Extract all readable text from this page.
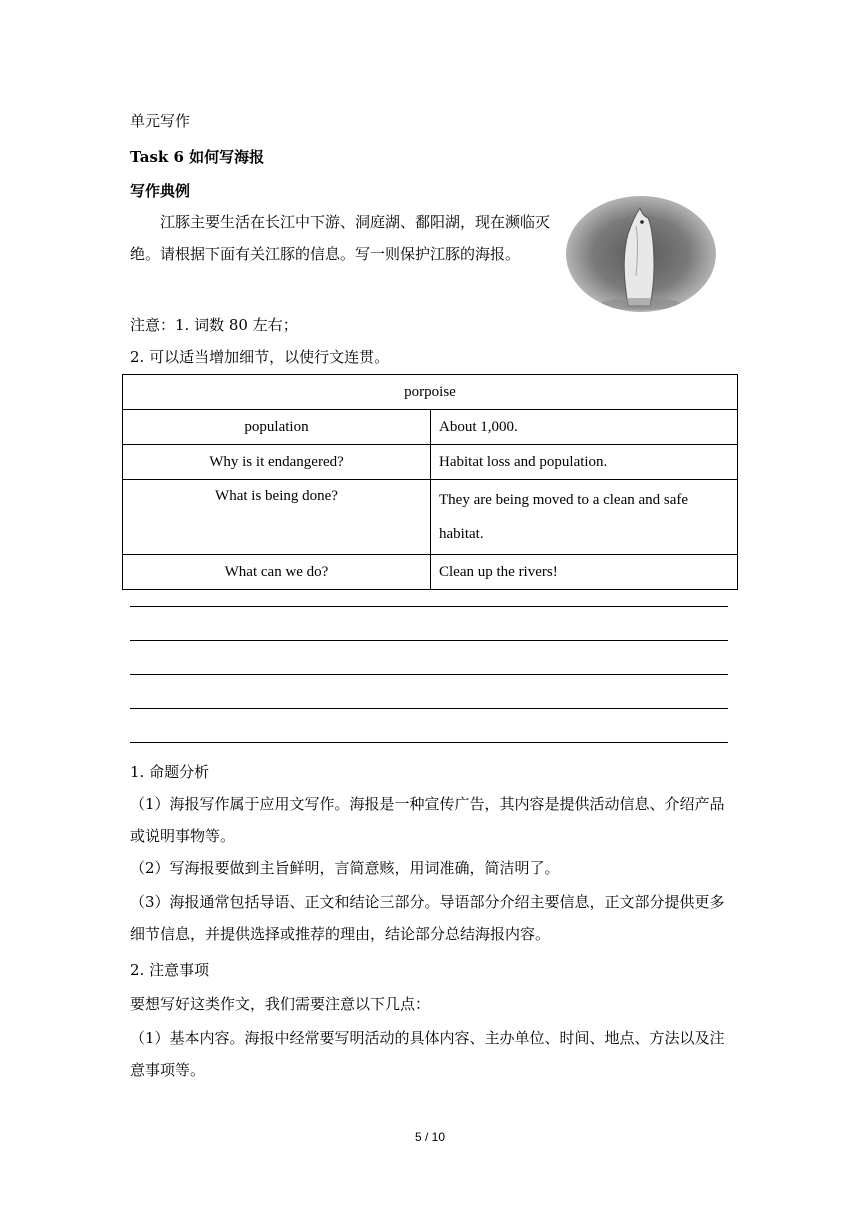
单元写作
Task 6 如何写海报
写作典例
江豚主要生活在长江中下游、洞庭湖、鄱阳湖，现在濒临灭绝。请根据下面有关江豚的信息。写一则保护江豚的海报。
注意：1. 词数 80 左右；
2. 可以适当增加细节，以使行文连贯。
porpoise	
population	About 1,000.
Why is it endangered?	Habitat loss and population.
What is being done?	They are being moved to a clean and safe habitat.
What can we do?	Clean up the rivers!
1. 命题分析
（1）海报写作属于应用文写作。海报是一种宣传广告，其内容是提供活动信息、介绍产品或说明事物等。
（2）写海报要做到主旨鲜明，言简意赅，用词准确，简洁明了。
（3）海报通常包括导语、正文和结论三部分。导语部分介绍主要信息，正文部分提供更多细节信息，并提供选择或推荐的理由，结论部分总结海报内容。
2. 注意事项
要想写好这类作文，我们需要注意以下几点：
（1）基本内容。海报中经常要写明活动的具体内容、主办单位、时间、地点、方法以及注意事项等。
5 / 10
